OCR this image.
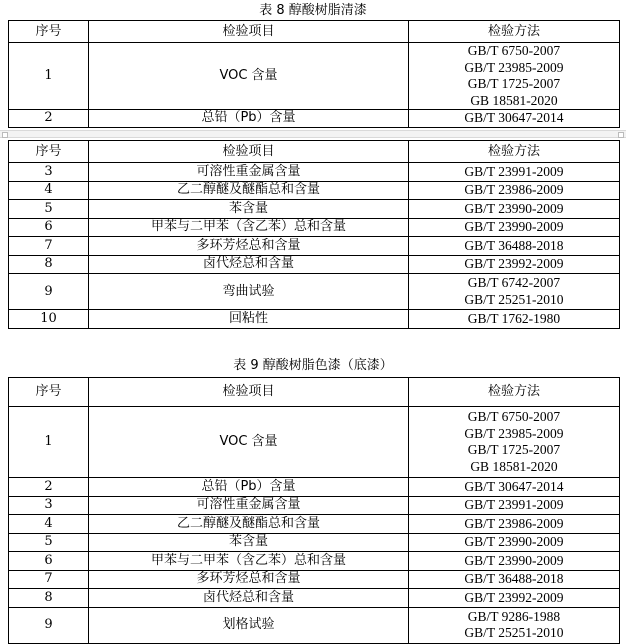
表 8 醇酸树脂清漆
序号	检验项目	检验方法
1	VOC 含量	GB/T 6750-2007
GB/T 23985-2009
GB/T 1725-2007
GB 18581-2020

2	总铅（Pb）含量	GB/T 30647-2014
序号	检验项目	检验方法
3	可溶性重金属含量	GB/T 23991-2009

4	乙二醇醚及醚酯总和含量	GB/T 23986-2009

5	苯含量	GB/T 23990-2009

6	甲苯与二甲苯（含乙苯）总和含量	GB/T 23990-2009

7	多环芳烃总和含量	GB/T 36488-2018

8	卤代烃总和含量	GB/T 23992-2009

9	弯曲试验	GB/T 6742-2007
GB/T 25251-2010

10	回粘性	GB/T 1762-1980
表 9 醇酸树脂色漆（底漆）
序号	检验项目	检验方法
1	VOC 含量	GB/T 6750-2007
GB/T 23985-2009
GB/T 1725-2007
GB 18581-2020

2	总铅（Pb）含量	GB/T 30647-2014

3	可溶性重金属含量	GB/T 23991-2009

4	乙二醇醚及醚酯总和含量	GB/T 23986-2009

5	苯含量	GB/T 23990-2009

6	甲苯与二甲苯（含乙苯）总和含量	GB/T 23990-2009

7	多环芳烃总和含量	GB/T 36488-2018

8	卤代烃总和含量	GB/T 23992-2009

9	划格试验	GB/T 9286-1988
GB/T 25251-2010
